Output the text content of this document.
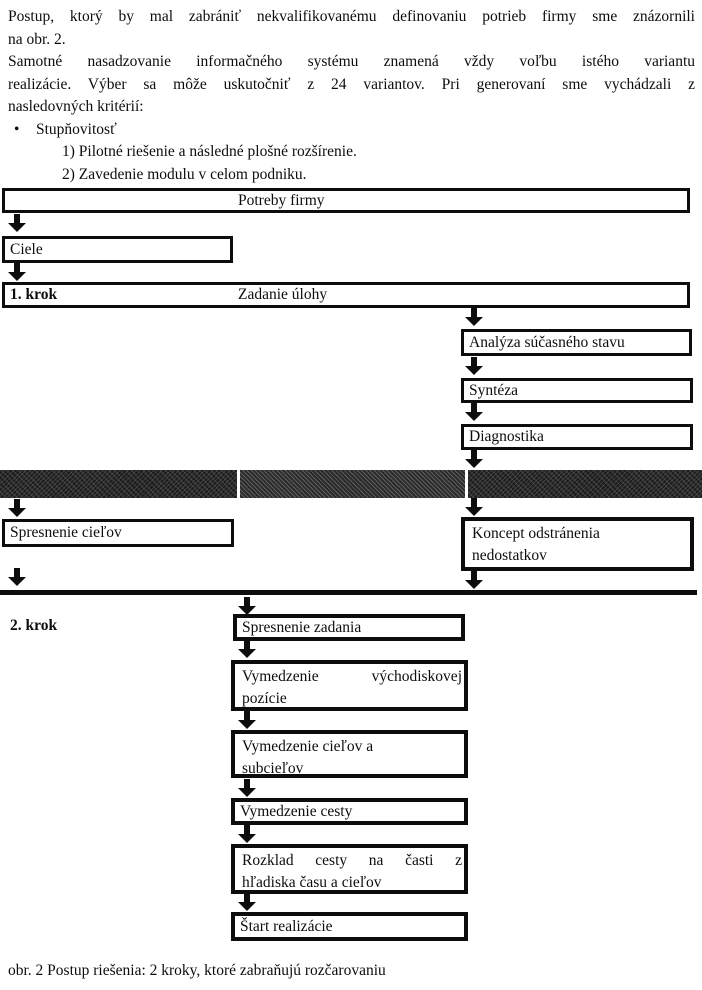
Postup, ktorý by mal zabrániť nekvalifikovanému definovaniu potrieb firmy sme znázornili
na obr. 2.
Samotné nasadzovanie informačného systému znamená vždy voľbu istého variantu
realizácie. Výber sa môže uskutočniť z 24 variantov. Pri generovaní sme vychádzali z
nasledovných kritérií:
• Stupňovitosť
1) Pilotné riešenie a následné plošné rozšírenie.
2) Zavedenie modulu v celom podniku.
Potreby firmy
Ciele
1. krok	Zadanie úlohy
Analýza súčasného stavu
Syntéza
Diagnostika
Spresnenie cieľov	Koncept odstránenia
nedostatkov
2. krok	Spresnenie zadania
Vymedzenie východiskovej
pozície
Vymedzenie cieľov a
subcieľov
Vymedzenie cesty
Rozklad cesty na časti z
hľadiska času a cieľov
Štart realizácie
obr. 2 Postup riešenia: 2 kroky, ktoré zabraňujú rozčarovaniu
